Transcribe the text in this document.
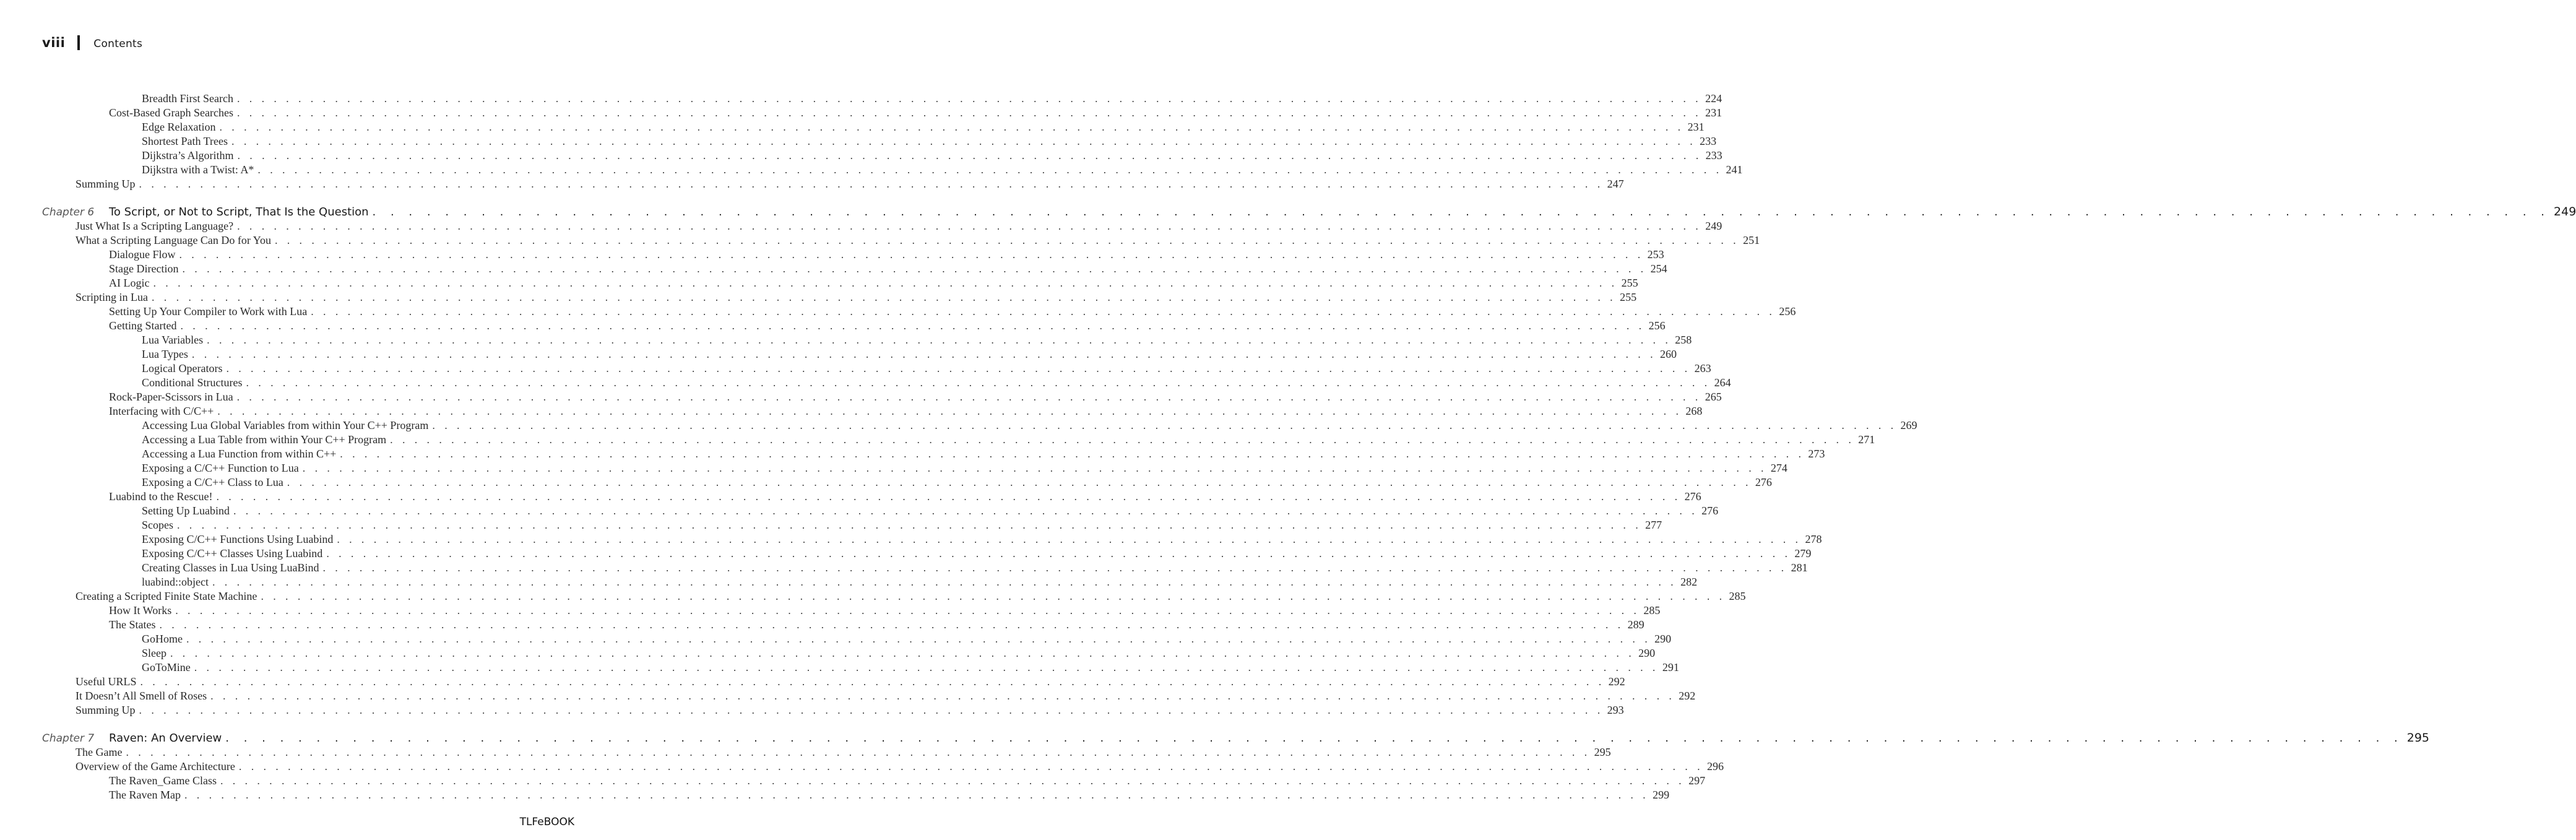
viii	Contents
Breadth First Search . . . . . . . . . . . . . . . . . . . . . . . . . . . . . . . . . . . . . . . . . . . . . . . . . . . . . . . . . . . . . . . . . . . . . . . . . . . . . . . . . . . . . . . . . . . . . . . . . . . . . . . . . . . . . . . . . . . . . . . . 224
Cost-Based Graph Searches . . . . . . . . . . . . . . . . . . . . . . . . . . . . . . . . . . . . . . . . . . . . . . . . . . . . . . . . . . . . . . . . . . . . . . . . . . . . . . . . . . . . . . . . . . . . . . . . . . . . . . . . . . . . . . . . . . . . . . . . 231
Edge Relaxation . . . . . . . . . . . . . . . . . . . . . . . . . . . . . . . . . . . . . . . . . . . . . . . . . . . . . . . . . . . . . . . . . . . . . . . . . . . . . . . . . . . . . . . . . . . . . . . . . . . . . . . . . . . . . . . . . . . . . . . . 231
Shortest Path Trees . . . . . . . . . . . . . . . . . . . . . . . . . . . . . . . . . . . . . . . . . . . . . . . . . . . . . . . . . . . . . . . . . . . . . . . . . . . . . . . . . . . . . . . . . . . . . . . . . . . . . . . . . . . . . . . . . . . . . . . . 233
Dijkstra’s Algorithm . . . . . . . . . . . . . . . . . . . . . . . . . . . . . . . . . . . . . . . . . . . . . . . . . . . . . . . . . . . . . . . . . . . . . . . . . . . . . . . . . . . . . . . . . . . . . . . . . . . . . . . . . . . . . . . . . . . . . . . . 233
Dijkstra with a Twist: A* . . . . . . . . . . . . . . . . . . . . . . . . . . . . . . . . . . . . . . . . . . . . . . . . . . . . . . . . . . . . . . . . . . . . . . . . . . . . . . . . . . . . . . . . . . . . . . . . . . . . . . . . . . . . . . . . . . . . . . . . 241
Summing Up . . . . . . . . . . . . . . . . . . . . . . . . . . . . . . . . . . . . . . . . . . . . . . . . . . . . . . . . . . . . . . . . . . . . . . . . . . . . . . . . . . . . . . . . . . . . . . . . . . . . . . . . . . . . . . . . . . . . . . . . 247
Chapter 6	To Script, or Not to Script, That Is the Question . . . . . . . . . . . . . . . . . . . . . . . . . . . . . . . . . . . . . . . . . . . . . . . . . . . . . . . . . . . . . . . . . . . . . . . . . . . . . . . . . . . . . . . . . . . . . . . . . . . . . . . . . . . . . . . . . . . . . . . . 249
Just What Is a Scripting Language? . . . . . . . . . . . . . . . . . . . . . . . . . . . . . . . . . . . . . . . . . . . . . . . . . . . . . . . . . . . . . . . . . . . . . . . . . . . . . . . . . . . . . . . . . . . . . . . . . . . . . . . . . . . . . . . . . . . . . . . . 249
What a Scripting Language Can Do for You . . . . . . . . . . . . . . . . . . . . . . . . . . . . . . . . . . . . . . . . . . . . . . . . . . . . . . . . . . . . . . . . . . . . . . . . . . . . . . . . . . . . . . . . . . . . . . . . . . . . . . . . . . . . . . . . . . . . . . . . 251
Dialogue Flow . . . . . . . . . . . . . . . . . . . . . . . . . . . . . . . . . . . . . . . . . . . . . . . . . . . . . . . . . . . . . . . . . . . . . . . . . . . . . . . . . . . . . . . . . . . . . . . . . . . . . . . . . . . . . . . . . . . . . . . . 253
Stage Direction . . . . . . . . . . . . . . . . . . . . . . . . . . . . . . . . . . . . . . . . . . . . . . . . . . . . . . . . . . . . . . . . . . . . . . . . . . . . . . . . . . . . . . . . . . . . . . . . . . . . . . . . . . . . . . . . . . . . . . . . 254
AI Logic . . . . . . . . . . . . . . . . . . . . . . . . . . . . . . . . . . . . . . . . . . . . . . . . . . . . . . . . . . . . . . . . . . . . . . . . . . . . . . . . . . . . . . . . . . . . . . . . . . . . . . . . . . . . . . . . . . . . . . . . 255
Scripting in Lua . . . . . . . . . . . . . . . . . . . . . . . . . . . . . . . . . . . . . . . . . . . . . . . . . . . . . . . . . . . . . . . . . . . . . . . . . . . . . . . . . . . . . . . . . . . . . . . . . . . . . . . . . . . . . . . . . . . . . . . . 255
Setting Up Your Compiler to Work with Lua . . . . . . . . . . . . . . . . . . . . . . . . . . . . . . . . . . . . . . . . . . . . . . . . . . . . . . . . . . . . . . . . . . . . . . . . . . . . . . . . . . . . . . . . . . . . . . . . . . . . . . . . . . . . . . . . . . . . . . . . 256
Getting Started . . . . . . . . . . . . . . . . . . . . . . . . . . . . . . . . . . . . . . . . . . . . . . . . . . . . . . . . . . . . . . . . . . . . . . . . . . . . . . . . . . . . . . . . . . . . . . . . . . . . . . . . . . . . . . . . . . . . . . . . 256
Lua Variables . . . . . . . . . . . . . . . . . . . . . . . . . . . . . . . . . . . . . . . . . . . . . . . . . . . . . . . . . . . . . . . . . . . . . . . . . . . . . . . . . . . . . . . . . . . . . . . . . . . . . . . . . . . . . . . . . . . . . . . . 258
Lua Types . . . . . . . . . . . . . . . . . . . . . . . . . . . . . . . . . . . . . . . . . . . . . . . . . . . . . . . . . . . . . . . . . . . . . . . . . . . . . . . . . . . . . . . . . . . . . . . . . . . . . . . . . . . . . . . . . . . . . . . . 260
Logical Operators . . . . . . . . . . . . . . . . . . . . . . . . . . . . . . . . . . . . . . . . . . . . . . . . . . . . . . . . . . . . . . . . . . . . . . . . . . . . . . . . . . . . . . . . . . . . . . . . . . . . . . . . . . . . . . . . . . . . . . . . 263
Conditional Structures . . . . . . . . . . . . . . . . . . . . . . . . . . . . . . . . . . . . . . . . . . . . . . . . . . . . . . . . . . . . . . . . . . . . . . . . . . . . . . . . . . . . . . . . . . . . . . . . . . . . . . . . . . . . . . . . . . . . . . . . 264
Rock-Paper-Scissors in Lua . . . . . . . . . . . . . . . . . . . . . . . . . . . . . . . . . . . . . . . . . . . . . . . . . . . . . . . . . . . . . . . . . . . . . . . . . . . . . . . . . . . . . . . . . . . . . . . . . . . . . . . . . . . . . . . . . . . . . . . . 265
Interfacing with C/C++ . . . . . . . . . . . . . . . . . . . . . . . . . . . . . . . . . . . . . . . . . . . . . . . . . . . . . . . . . . . . . . . . . . . . . . . . . . . . . . . . . . . . . . . . . . . . . . . . . . . . . . . . . . . . . . . . . . . . . . . . 268
Accessing Lua Global Variables from within Your C++ Program . . . . . . . . . . . . . . . . . . . . . . . . . . . . . . . . . . . . . . . . . . . . . . . . . . . . . . . . . . . . . . . . . . . . . . . . . . . . . . . . . . . . . . . . . . . . . . . . . . . . . . . . . . . . . . . . . . . . . . . . 269
Accessing a Lua Table from within Your C++ Program . . . . . . . . . . . . . . . . . . . . . . . . . . . . . . . . . . . . . . . . . . . . . . . . . . . . . . . . . . . . . . . . . . . . . . . . . . . . . . . . . . . . . . . . . . . . . . . . . . . . . . . . . . . . . . . . . . . . . . . . 271
Accessing a Lua Function from within C++ . . . . . . . . . . . . . . . . . . . . . . . . . . . . . . . . . . . . . . . . . . . . . . . . . . . . . . . . . . . . . . . . . . . . . . . . . . . . . . . . . . . . . . . . . . . . . . . . . . . . . . . . . . . . . . . . . . . . . . . . 273
Exposing a C/C++ Function to Lua . . . . . . . . . . . . . . . . . . . . . . . . . . . . . . . . . . . . . . . . . . . . . . . . . . . . . . . . . . . . . . . . . . . . . . . . . . . . . . . . . . . . . . . . . . . . . . . . . . . . . . . . . . . . . . . . . . . . . . . . 274
Exposing a C/C++ Class to Lua . . . . . . . . . . . . . . . . . . . . . . . . . . . . . . . . . . . . . . . . . . . . . . . . . . . . . . . . . . . . . . . . . . . . . . . . . . . . . . . . . . . . . . . . . . . . . . . . . . . . . . . . . . . . . . . . . . . . . . . . 276
Luabind to the Rescue! . . . . . . . . . . . . . . . . . . . . . . . . . . . . . . . . . . . . . . . . . . . . . . . . . . . . . . . . . . . . . . . . . . . . . . . . . . . . . . . . . . . . . . . . . . . . . . . . . . . . . . . . . . . . . . . . . . . . . . . . 276
Setting Up Luabind . . . . . . . . . . . . . . . . . . . . . . . . . . . . . . . . . . . . . . . . . . . . . . . . . . . . . . . . . . . . . . . . . . . . . . . . . . . . . . . . . . . . . . . . . . . . . . . . . . . . . . . . . . . . . . . . . . . . . . . . 276
Scopes . . . . . . . . . . . . . . . . . . . . . . . . . . . . . . . . . . . . . . . . . . . . . . . . . . . . . . . . . . . . . . . . . . . . . . . . . . . . . . . . . . . . . . . . . . . . . . . . . . . . . . . . . . . . . . . . . . . . . . . . 277
Exposing C/C++ Functions Using Luabind . . . . . . . . . . . . . . . . . . . . . . . . . . . . . . . . . . . . . . . . . . . . . . . . . . . . . . . . . . . . . . . . . . . . . . . . . . . . . . . . . . . . . . . . . . . . . . . . . . . . . . . . . . . . . . . . . . . . . . . . 278
Exposing C/C++ Classes Using Luabind . . . . . . . . . . . . . . . . . . . . . . . . . . . . . . . . . . . . . . . . . . . . . . . . . . . . . . . . . . . . . . . . . . . . . . . . . . . . . . . . . . . . . . . . . . . . . . . . . . . . . . . . . . . . . . . . . . . . . . . . 279
Creating Classes in Lua Using LuaBind . . . . . . . . . . . . . . . . . . . . . . . . . . . . . . . . . . . . . . . . . . . . . . . . . . . . . . . . . . . . . . . . . . . . . . . . . . . . . . . . . . . . . . . . . . . . . . . . . . . . . . . . . . . . . . . . . . . . . . . . 281
luabind::object . . . . . . . . . . . . . . . . . . . . . . . . . . . . . . . . . . . . . . . . . . . . . . . . . . . . . . . . . . . . . . . . . . . . . . . . . . . . . . . . . . . . . . . . . . . . . . . . . . . . . . . . . . . . . . . . . . . . . . . . 282
Creating a Scripted Finite State Machine . . . . . . . . . . . . . . . . . . . . . . . . . . . . . . . . . . . . . . . . . . . . . . . . . . . . . . . . . . . . . . . . . . . . . . . . . . . . . . . . . . . . . . . . . . . . . . . . . . . . . . . . . . . . . . . . . . . . . . . . 285
How It Works . . . . . . . . . . . . . . . . . . . . . . . . . . . . . . . . . . . . . . . . . . . . . . . . . . . . . . . . . . . . . . . . . . . . . . . . . . . . . . . . . . . . . . . . . . . . . . . . . . . . . . . . . . . . . . . . . . . . . . . . 285
The States . . . . . . . . . . . . . . . . . . . . . . . . . . . . . . . . . . . . . . . . . . . . . . . . . . . . . . . . . . . . . . . . . . . . . . . . . . . . . . . . . . . . . . . . . . . . . . . . . . . . . . . . . . . . . . . . . . . . . . . . 289
GoHome . . . . . . . . . . . . . . . . . . . . . . . . . . . . . . . . . . . . . . . . . . . . . . . . . . . . . . . . . . . . . . . . . . . . . . . . . . . . . . . . . . . . . . . . . . . . . . . . . . . . . . . . . . . . . . . . . . . . . . . . 290
Sleep . . . . . . . . . . . . . . . . . . . . . . . . . . . . . . . . . . . . . . . . . . . . . . . . . . . . . . . . . . . . . . . . . . . . . . . . . . . . . . . . . . . . . . . . . . . . . . . . . . . . . . . . . . . . . . . . . . . . . . . . 290
GoToMine . . . . . . . . . . . . . . . . . . . . . . . . . . . . . . . . . . . . . . . . . . . . . . . . . . . . . . . . . . . . . . . . . . . . . . . . . . . . . . . . . . . . . . . . . . . . . . . . . . . . . . . . . . . . . . . . . . . . . . . . 291
Useful URLS . . . . . . . . . . . . . . . . . . . . . . . . . . . . . . . . . . . . . . . . . . . . . . . . . . . . . . . . . . . . . . . . . . . . . . . . . . . . . . . . . . . . . . . . . . . . . . . . . . . . . . . . . . . . . . . . . . . . . . . . 292
It Doesn’t All Smell of Roses . . . . . . . . . . . . . . . . . . . . . . . . . . . . . . . . . . . . . . . . . . . . . . . . . . . . . . . . . . . . . . . . . . . . . . . . . . . . . . . . . . . . . . . . . . . . . . . . . . . . . . . . . . . . . . . . . . . . . . . . 292
Summing Up . . . . . . . . . . . . . . . . . . . . . . . . . . . . . . . . . . . . . . . . . . . . . . . . . . . . . . . . . . . . . . . . . . . . . . . . . . . . . . . . . . . . . . . . . . . . . . . . . . . . . . . . . . . . . . . . . . . . . . . . 293
Chapter 7	Raven: An Overview . . . . . . . . . . . . . . . . . . . . . . . . . . . . . . . . . . . . . . . . . . . . . . . . . . . . . . . . . . . . . . . . . . . . . . . . . . . . . . . . . . . . . . . . . . . . . . . . . . . . . . . . . . . . . . . . . . . . . . . . 295
The Game . . . . . . . . . . . . . . . . . . . . . . . . . . . . . . . . . . . . . . . . . . . . . . . . . . . . . . . . . . . . . . . . . . . . . . . . . . . . . . . . . . . . . . . . . . . . . . . . . . . . . . . . . . . . . . . . . . . . . . . . 295
Overview of the Game Architecture . . . . . . . . . . . . . . . . . . . . . . . . . . . . . . . . . . . . . . . . . . . . . . . . . . . . . . . . . . . . . . . . . . . . . . . . . . . . . . . . . . . . . . . . . . . . . . . . . . . . . . . . . . . . . . . . . . . . . . . . 296
The Raven_Game Class . . . . . . . . . . . . . . . . . . . . . . . . . . . . . . . . . . . . . . . . . . . . . . . . . . . . . . . . . . . . . . . . . . . . . . . . . . . . . . . . . . . . . . . . . . . . . . . . . . . . . . . . . . . . . . . . . . . . . . . . 297
The Raven Map . . . . . . . . . . . . . . . . . . . . . . . . . . . . . . . . . . . . . . . . . . . . . . . . . . . . . . . . . . . . . . . . . . . . . . . . . . . . . . . . . . . . . . . . . . . . . . . . . . . . . . . . . . . . . . . . . . . . . . . . 299
TLFeBOOK
